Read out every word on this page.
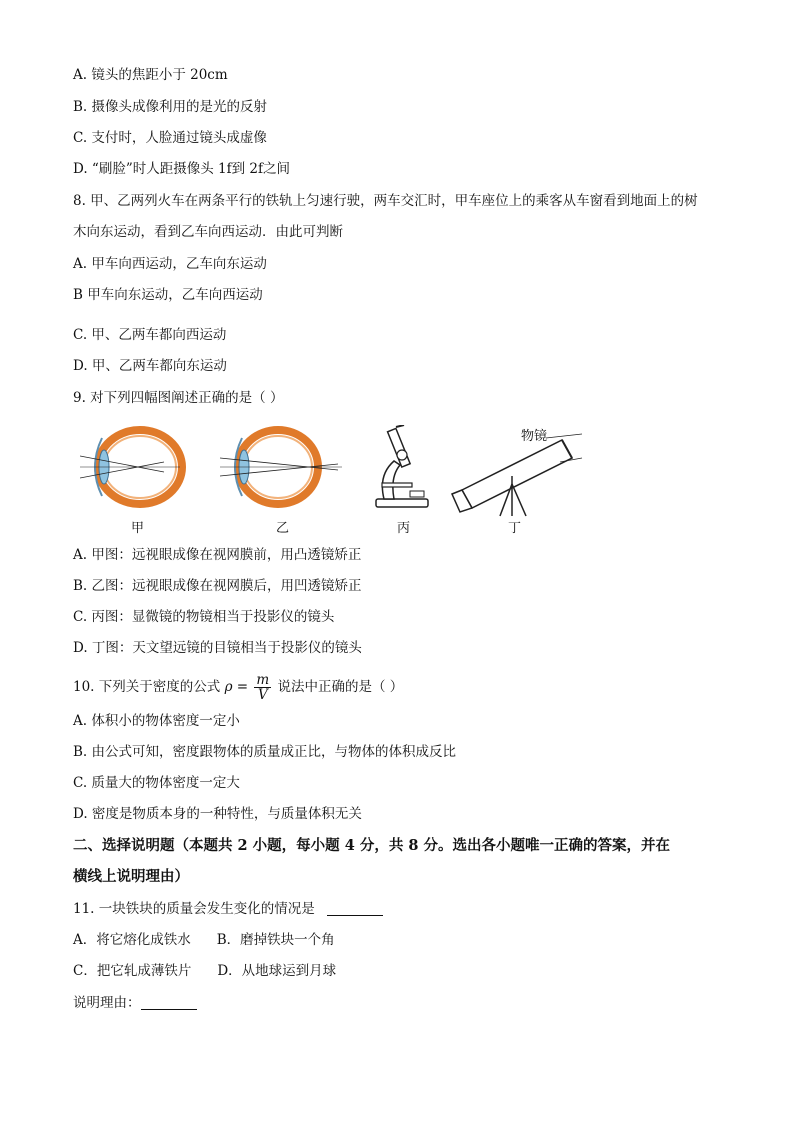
A. 镜头的焦距小于 20cm
B. 摄像头成像利用的是光的反射
C. 支付时，人脸通过镜头成虚像
D. “刷脸”时人距摄像头 1f到 2f之间
8. 甲、乙两列火车在两条平行的铁轨上匀速行驶，两车交汇时，甲车座位上的乘客从车窗看到地面上的树
木向东运动，看到乙车向西运动．由此可判断
A. 甲车向西运动，乙车向东运动
B 甲车向东运动，乙车向西运动
C. 甲、乙两车都向西运动
D. 甲、乙两车都向东运动
9. 对下列四幅图阐述正确的是（ ）
甲	乙	丙
物镜
丁
A. 甲图：远视眼成像在视网膜前，用凸透镜矫正
B. 乙图：远视眼成像在视网膜后，用凹透镜矫正
C. 丙图：显微镜的物镜相当于投影仪的镜头
D. 丁图：天文望远镜的目镜相当于投影仪的镜头
10. 下列关于密度的公式 $\rho = \frac{m}{V}$ 说法中正确的是（ ）
A. 体积小的物体密度一定小
B. 由公式可知，密度跟物体的质量成正比，与物体的体积成反比
C. 质量大的物体密度一定大
D. 密度是物质本身的一种特性，与质量体积无关
二、选择说明题（本题共 2 小题，每小题 4 分，共 8 分。选出各小题唯一正确的答案，并在
横线上说明理由）
11. 一块铁块的质量会发生变化的情况是
A．将它熔化成铁水 B．磨掉铁块一个角
C．把它轧成薄铁片 D．从地球运到月球
说明理由：
